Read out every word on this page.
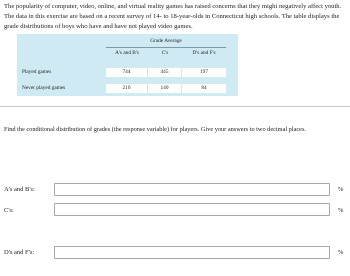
The popularity of computer, video, online, and virtual reality games has raised concerns that they might negatively affect youth. The data in this exercise are based on a recent survey of 14- to 18-year-olds in Connecticut high schools. The table displays the grade distributions of boys who have and have not played video games.
Grade Average
A's and B's	C's	D's and F's
Played games	744	445	197
Never played games	210	140	84
Find the conditional distribution of grades (the response variable) for players. Give your answers to two decimal places.
A's and B's:	%
C's:	%
D's and F's:	%
